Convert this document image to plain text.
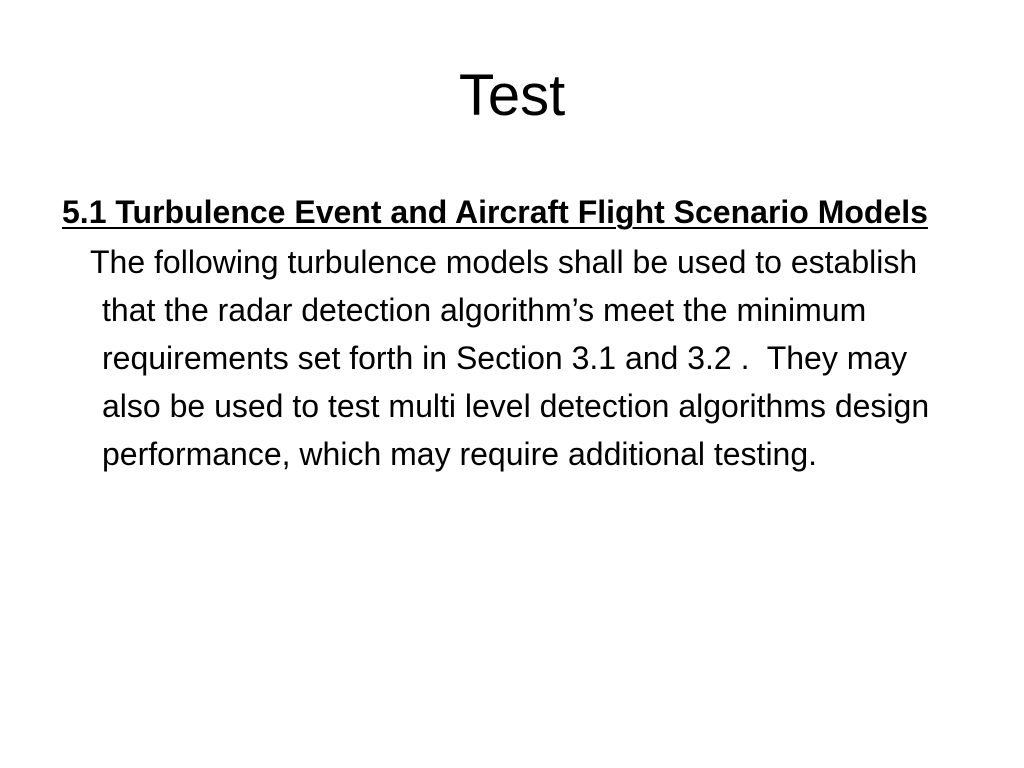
Test

5.1 Turbulence Event and Aircraft Flight Scenario Models

The following turbulence models shall be used to establish that the radar detection algorithm’s meet the minimum requirements set forth in Section 3.1 and 3.2 .  They may also be used to test multi level detection algorithms design performance, which may require additional testing.
